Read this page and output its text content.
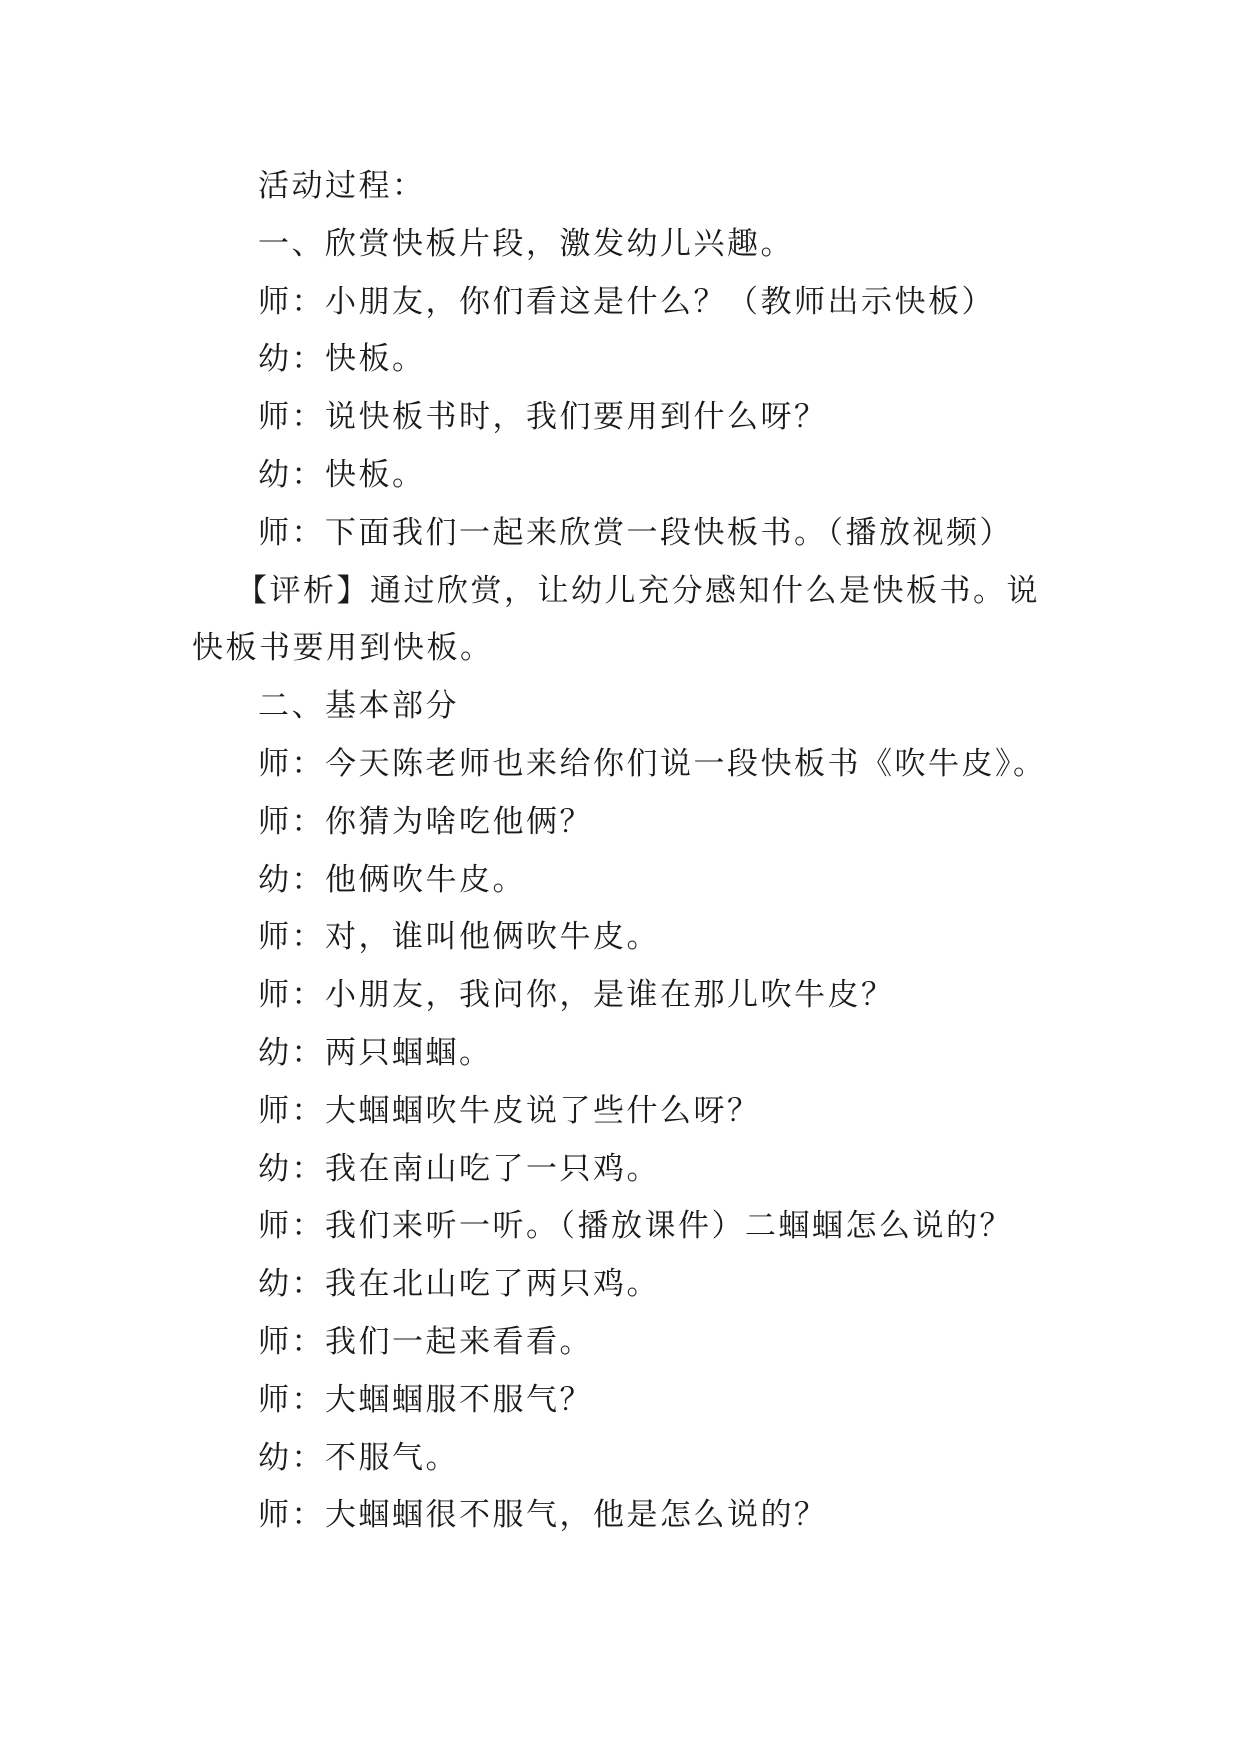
活动过程：

一、欣赏快板片段，激发幼儿兴趣。

师：小朋友，你们看这是什么？（教师出示快板）

幼：快板。

师：说快板书时，我们要用到什么呀？

幼：快板。

师：下面我们一起来欣赏一段快板书。（播放视频）

【评析】通过欣赏，让幼儿充分感知什么是快板书。说快板书要用到快板。

二、基本部分

师：今天陈老师也来给你们说一段快板书《吹牛皮》。

师：你猜为啥吃他俩？

幼：他俩吹牛皮。

师：对，谁叫他俩吹牛皮。

师：小朋友，我问你，是谁在那儿吹牛皮？

幼：两只蝈蝈。

师：大蝈蝈吹牛皮说了些什么呀？

幼：我在南山吃了一只鸡。

师：我们来听一听。（播放课件）二蝈蝈怎么说的？

幼：我在北山吃了两只鸡。

师：我们一起来看看。

师：大蝈蝈服不服气？

幼：不服气。

师：大蝈蝈很不服气，他是怎么说的？
